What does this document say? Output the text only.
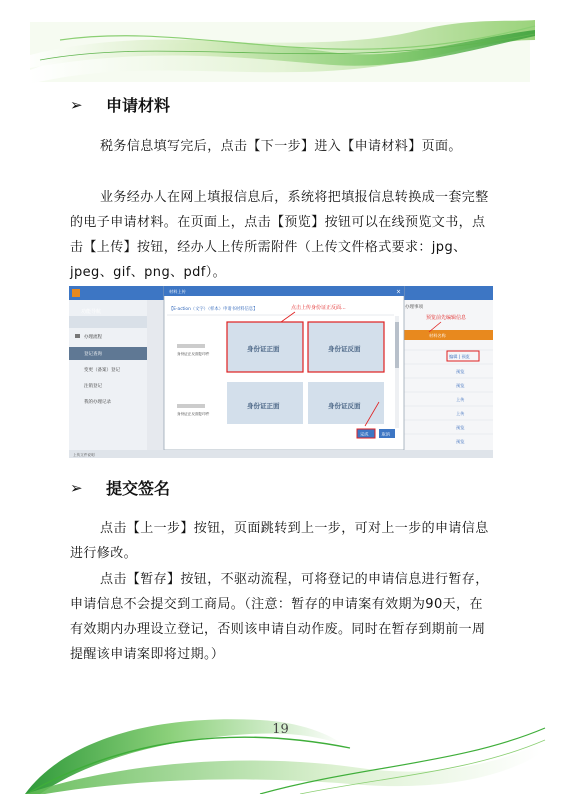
➢ 申请材料
税务信息填写完后，点击【下一步】进入【申请材料】页面。
业务经办人在网上填报信息后，系统将把填报信息转换成一套完整的电子申请材料。在页面上，点击【预览】按钮可以在线预览文书，点击【上传】按钮，经办人上传所需附件（上传文件格式要求：jpg、jpeg、gif、png、pdf）。
功能导航
办理流程
登记查询
变更（备案）登记
注销登记
我的办理记录
办理事项
材料名称
编辑 | 预览
预览
预览
上传
上传
预览
预览
预览前先编辑信息
材料上传	×
【E-action（文字）（样本）申请书材料信息】
身份证正面	身份证反面
点击上传身份证正反面...
身份证正反面复印件
身份证正面	身份证反面
身份证正反面复印件
完成	取消
上传文件说明
➢ 提交签名
点击【上一步】按钮，页面跳转到上一步，可对上一步的申请信息进行修改。
点击【暂存】按钮，不驱动流程，可将登记的申请信息进行暂存，申请信息不会提交到工商局。（注意：暂存的申请案有效期为90天，在有效期内办理设立登记，否则该申请自动作废。同时在暂存到期前一周提醒该申请案即将过期。）
19
